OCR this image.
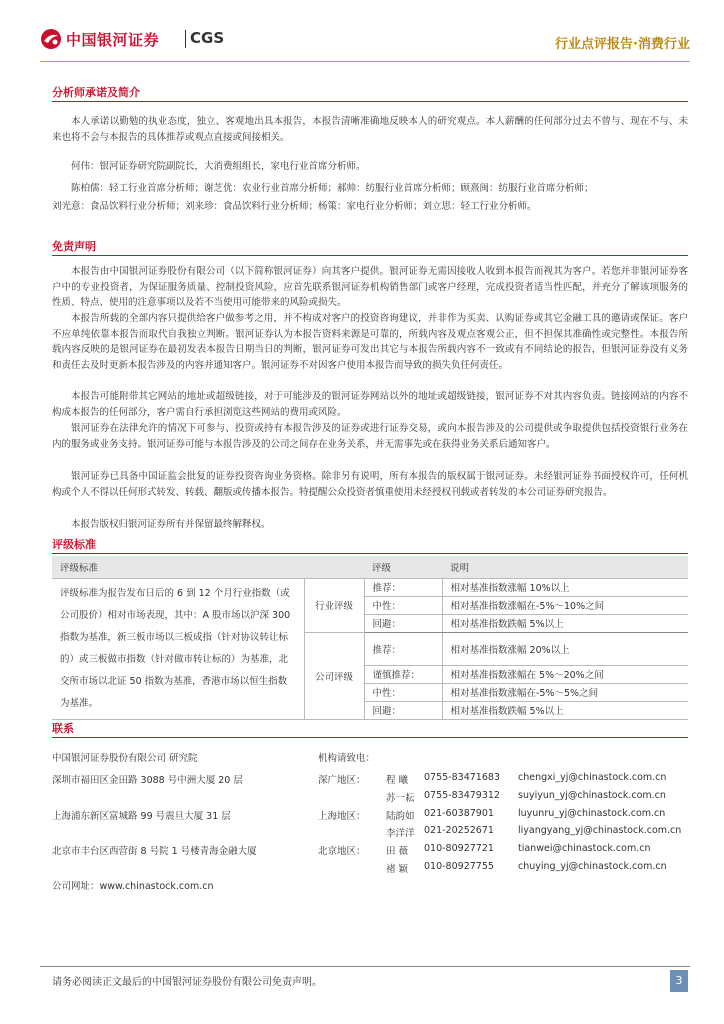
中国银河证券 CGS	行业点评报告·消费行业
分析师承诺及简介
本人承诺以勤勉的执业态度，独立、客观地出具本报告，本报告清晰准确地反映本人的研究观点。本人薪酬的任何部分过去不曾与、现在不与、未来也将不会与本报告的具体推荐或观点直接或间接相关。
何伟：银河证券研究院副院长，大消费组组长，家电行业首席分析师。
陈柏儒：轻工行业首席分析师；谢芝优：农业行业首席分析师；郝帅：纺服行业首席分析师；顾熹闽：纺服行业首席分析师；
刘光意：食品饮料行业分析师；刘来珍：食品饮料行业分析师；杨策：家电行业分析师；刘立思：轻工行业分析师。
免责声明
本报告由中国银河证券股份有限公司（以下简称银河证券）向其客户提供。银河证券无需因接收人收到本报告而视其为客户。若您并非银河证券客户中的专业投资者，为保证服务质量、控制投资风险，应首先联系银河证券机构销售部门或客户经理，完成投资者适当性匹配，并充分了解该项服务的性质、特点、使用的注意事项以及若不当使用可能带来的风险或损失。
本报告所载的全部内容只提供给客户做参考之用，并不构成对客户的投资咨询建议，并非作为买卖、认购证券或其它金融工具的邀请或保证。客户不应单纯依靠本报告而取代自我独立判断。银河证券认为本报告资料来源是可靠的，所载内容及观点客观公正，但不担保其准确性或完整性。本报告所载内容反映的是银河证券在最初发表本报告日期当日的判断，银河证券可发出其它与本报告所载内容不一致或有不同结论的报告，但银河证券没有义务和责任去及时更新本报告涉及的内容并通知客户。银河证券不对因客户使用本报告而导致的损失负任何责任。
本报告可能附带其它网站的地址或超级链接，对于可能涉及的银河证券网站以外的地址或超级链接，银河证券不对其内容负责。链接网站的内容不构成本报告的任何部分，客户需自行承担浏览这些网站的费用或风险。
银河证券在法律允许的情况下可参与、投资或持有本报告涉及的证券或进行证券交易，或向本报告涉及的公司提供或争取提供包括投资银行业务在内的服务或业务支持。银河证券可能与本报告涉及的公司之间存在业务关系，并无需事先或在获得业务关系后通知客户。
银河证券已具备中国证监会批复的证券投资咨询业务资格。除非另有说明，所有本报告的版权属于银河证券。未经银河证券书面授权许可，任何机构或个人不得以任何形式转发、转载、翻版或传播本报告。特提醒公众投资者慎重使用未经授权刊载或者转发的本公司证券研究报告。
本报告版权归银河证券所有并保留最终解释权。
评级标准
评级标准		评级	说明
评级标准为报告发布日后的 6 到 12 个月行业指数（或公司股价）相对市场表现，其中：A 股市场以沪深 300 指数为基准，新三板市场以三板成指（针对协议转让标的）或三板做市指数（针对做市转让标的）为基准，北交所市场以北证 50 指数为基准，香港市场以恒生指数为基准。	行业评级	推荐：	相对基准指数涨幅 10%以上
		中性：	相对基准指数涨幅在-5%～10%之间
		回避：	相对基准指数跌幅 5%以上
	公司评级	推荐：	相对基准指数涨幅 20%以上
		谨慎推荐：	相对基准指数涨幅在 5%～20%之间
		中性：	相对基准指数涨幅在-5%～5%之间
		回避：	相对基准指数跌幅 5%以上
联系
中国银河证券股份有限公司 研究院	机构请致电：
深圳市福田区金田路 3088 号中洲大厦 20 层
上海浦东新区富城路 99 号震旦大厦 31 层
北京市丰台区西营街 8 号院 1 号楼青海金融大厦
公司网址：www.chinastock.com.cn
深广地区： 程 曦 0755-83471683 chengxi_yj@chinastock.com.cn
苏一耘 0755-83479312 suyiyun_yj@chinastock.com.cn
上海地区： 陆韵如 021-60387901	luyunru_yj@chinastock.com.cn
李洋洋 021-20252671	liyangyang_yj@chinastock.com.cn
北京地区： 田 薇 010-80927721	tianwei@chinastock.com.cn
褚 颖 010-80927755	chuying_yj@chinastock.com.cn
请务必阅读正文最后的中国银河证券股份有限公司免责声明。	3
